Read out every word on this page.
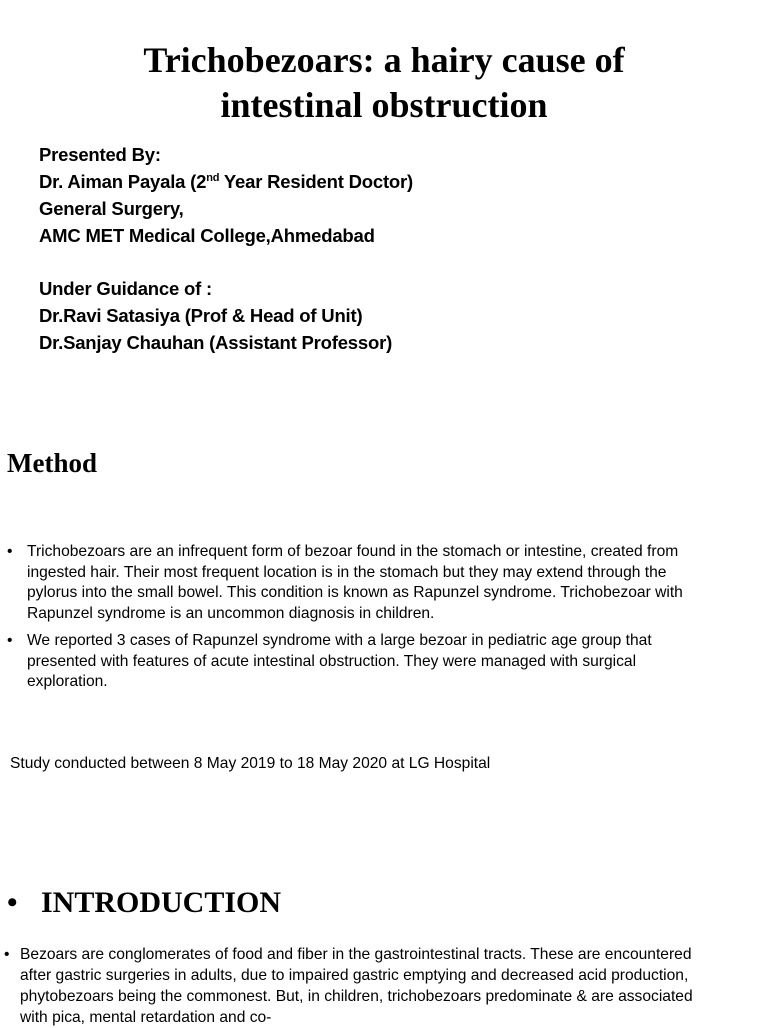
Trichobezoars: a hairy cause of
intestinal obstruction
Presented By:
Dr. Aiman Payala (2nd Year Resident Doctor)
General Surgery,
AMC MET Medical College,Ahmedabad
Under Guidance of :
Dr.Ravi Satasiya (Prof & Head of Unit)
Dr.Sanjay Chauhan (Assistant Professor)
Method
• Trichobezoars are an infrequent form of bezoar found in the stomach or intestine, created from ingested hair. Their most frequent location is in the stomach but they may extend through the pylorus into the small bowel. This condition is known as Rapunzel syndrome. Trichobezoar with Rapunzel syndrome is an uncommon diagnosis in children.
• We reported 3 cases of Rapunzel syndrome with a large bezoar in pediatric age group that presented with features of acute intestinal obstruction. They were managed with surgical exploration.
Study conducted between 8 May 2019 to 18 May 2020 at LG Hospital
• INTRODUCTION
• Bezoars are conglomerates of food and fiber in the gastrointestinal tracts. These are encountered after gastric surgeries in adults, due to impaired gastric emptying and decreased acid production, phytobezoars being the commonest. But, in children, trichobezoars predominate & are associated with pica, mental retardation and co-
